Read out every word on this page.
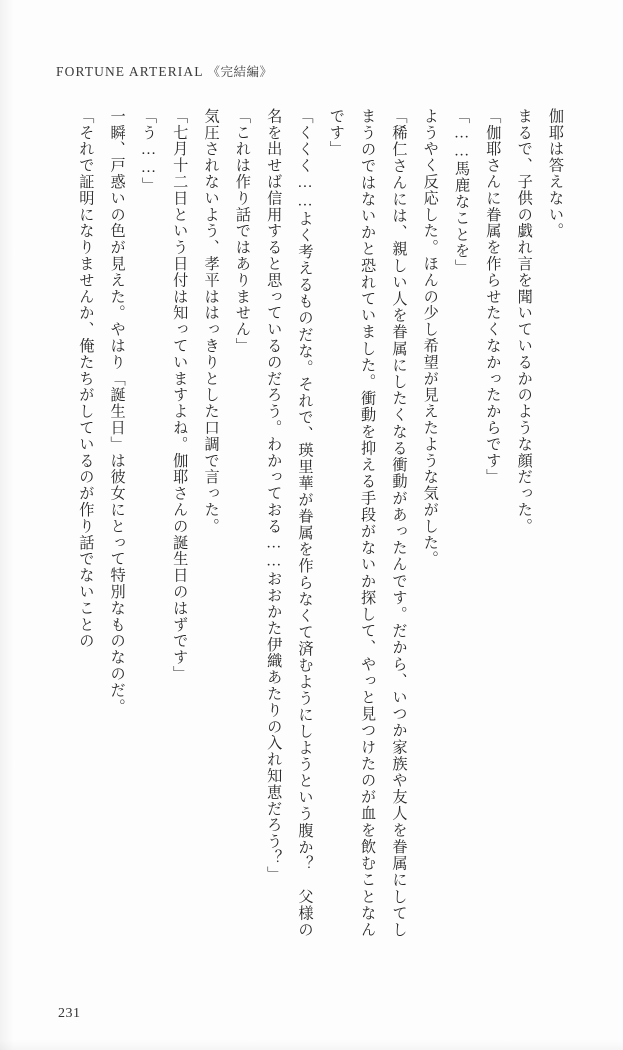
FORTUNE ARTERIAL 《完結編》

伽耶は答えない。

まるで、子供の戯れ言を聞いているかのような顔だった。

「伽耶さんに眷属を作らせたくなかったからです」

「……馬鹿なことを」

ようやく反応した。ほんの少し希望が見えたような気がした。

「稀仁さんには、親しい人を眷属にしたくなる衝動があったんです。だから、いつか家族や友人を眷属にしてしまうのではないかと恐れていました。衝動を抑える手段がないか探して、やっと見つけたのが血を飲むことなんです」

「くくく……よく考えるものだな。それで、瑛里華が眷属を作らなくて済むようにしようという腹か？　父様の名を出せば信用すると思っているのだろう。わかっておる……おおかた伊織あたりの入れ知恵だろう？」

「これは作り話ではありません」

気圧されないよう、孝平ははっきりとした口調で言った。

「七月十二日という日付は知っていますよね。伽耶さんの誕生日のはずです」

「う……」

一瞬、戸惑いの色が見えた。やはり「誕生日」は彼女にとって特別なものなのだ。

「それで証明になりませんか、俺たちがしているのが作り話でないことの

231
